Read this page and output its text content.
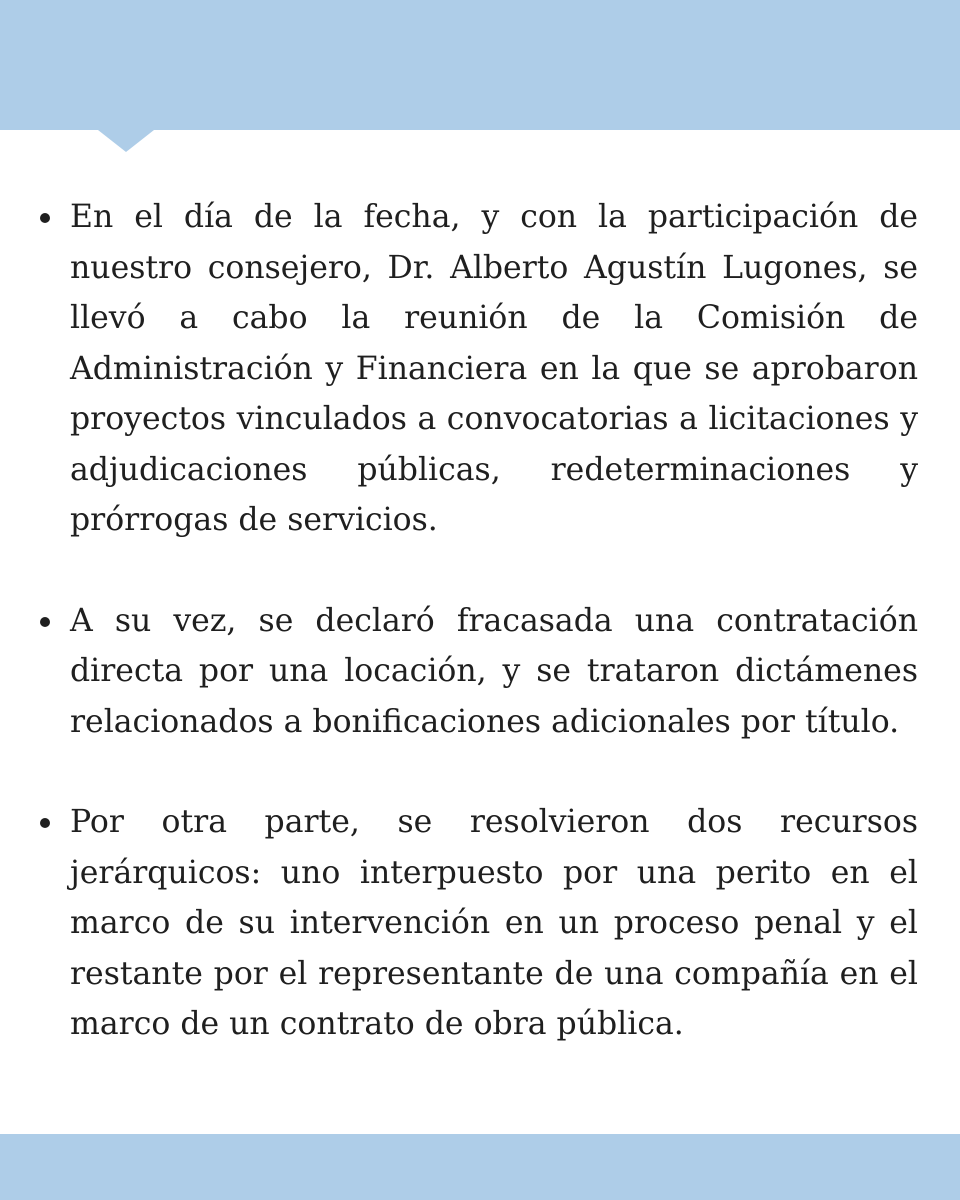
En el día de la fecha, y con la participación de nuestro consejero, Dr. Alberto Agustín Lugones, se llevó a cabo la reunión de la Comisión de Administración y Financiera en la que se aprobaron proyectos vinculados a convocatorias a licitaciones y adjudicaciones públicas, redeterminaciones y prórrogas de servicios.
A su vez, se declaró fracasada una contratación directa por una locación, y se trataron dictámenes relacionados a bonificaciones adicionales por título.
Por otra parte, se resolvieron dos recursos jerárquicos: uno interpuesto por una perito en el marco de su intervención en un proceso penal y el restante por el representante de una compañía en el marco de un contrato de obra pública.
